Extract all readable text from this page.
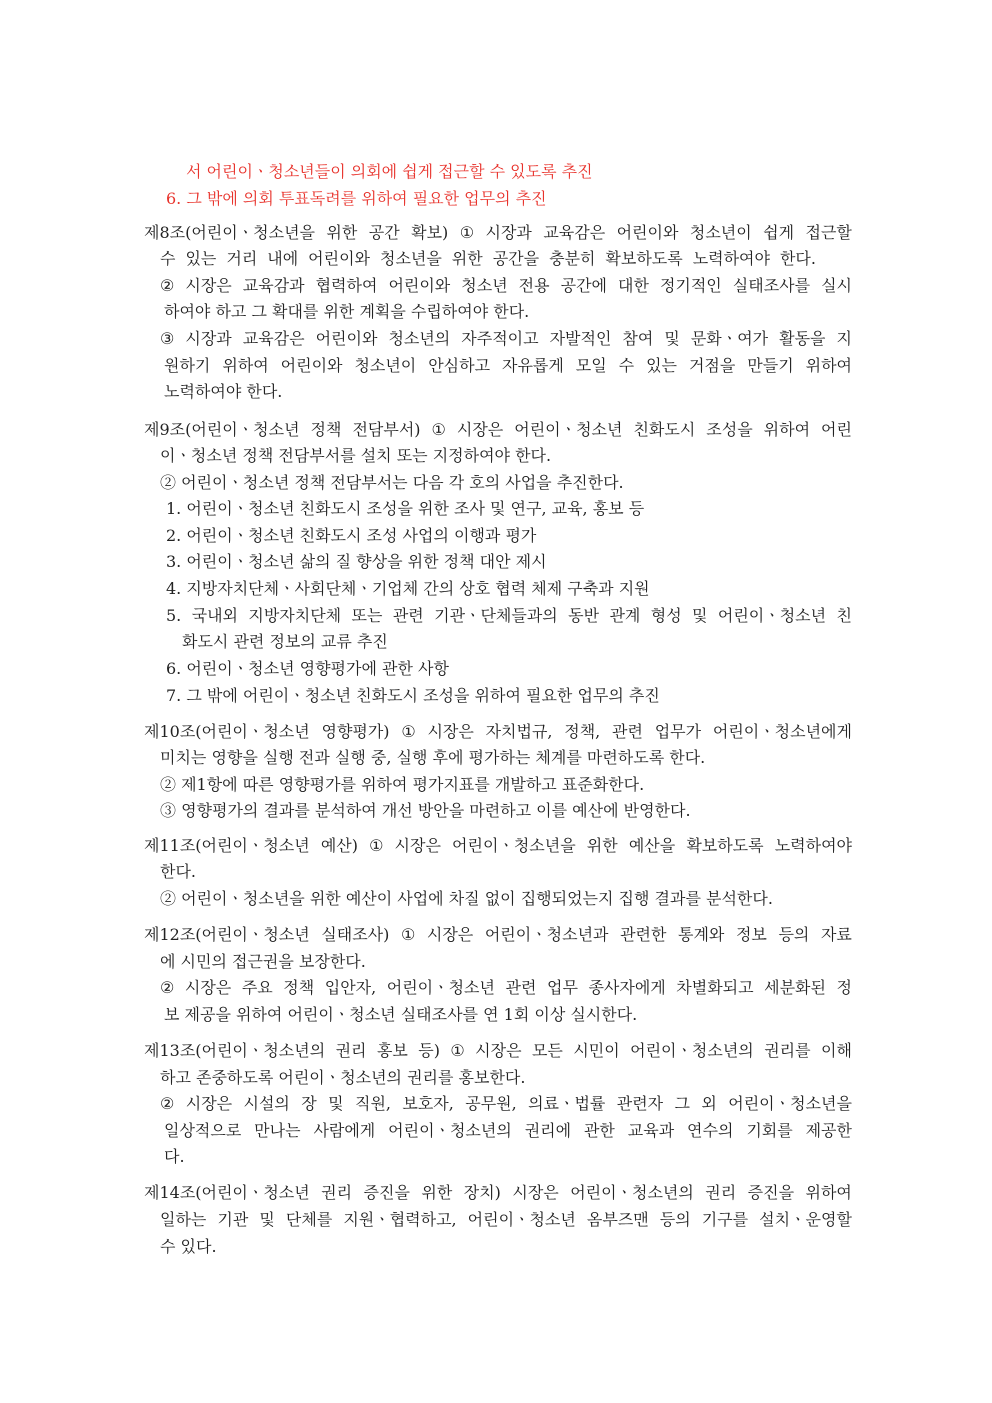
서 어린이ㆍ청소년들이 의회에 쉽게 접근할 수 있도록 추진
6. 그 밖에 의회 투표독려를 위하여 필요한 업무의 추진
제8조(어린이ㆍ청소년을 위한 공간 확보) ① 시장과 교육감은 어린이와 청소년이 쉽게 접근할
수 있는 거리 내에 어린이와 청소년을 위한 공간을 충분히 확보하도록 노력하여야 한다.
② 시장은 교육감과 협력하여 어린이와 청소년 전용 공간에 대한 정기적인 실태조사를 실시
하여야 하고 그 확대를 위한 계획을 수립하여야 한다.
③ 시장과 교육감은 어린이와 청소년의 자주적이고 자발적인 참여 및 문화ㆍ여가 활동을 지
원하기 위하여 어린이와 청소년이 안심하고 자유롭게 모일 수 있는 거점을 만들기 위하여
노력하여야 한다.
제9조(어린이ㆍ청소년 정책 전담부서) ① 시장은 어린이ㆍ청소년 친화도시 조성을 위하여 어린
이ㆍ청소년 정책 전담부서를 설치 또는 지정하여야 한다.
② 어린이ㆍ청소년 정책 전담부서는 다음 각 호의 사업을 추진한다.
1. 어린이ㆍ청소년 친화도시 조성을 위한 조사 및 연구, 교육, 홍보 등
2. 어린이ㆍ청소년 친화도시 조성 사업의 이행과 평가
3. 어린이ㆍ청소년 삶의 질 향상을 위한 정책 대안 제시
4. 지방자치단체ㆍ사회단체ㆍ기업체 간의 상호 협력 체제 구축과 지원
5. 국내외 지방자치단체 또는 관련 기관ㆍ단체들과의 동반 관계 형성 및 어린이ㆍ청소년 친
화도시 관련 정보의 교류 추진
6. 어린이ㆍ청소년 영향평가에 관한 사항
7. 그 밖에 어린이ㆍ청소년 친화도시 조성을 위하여 필요한 업무의 추진
제10조(어린이ㆍ청소년 영향평가) ① 시장은 자치법규, 정책, 관련 업무가 어린이ㆍ청소년에게
미치는 영향을 실행 전과 실행 중, 실행 후에 평가하는 체계를 마련하도록 한다.
② 제1항에 따른 영향평가를 위하여 평가지표를 개발하고 표준화한다.
③ 영향평가의 결과를 분석하여 개선 방안을 마련하고 이를 예산에 반영한다.
제11조(어린이ㆍ청소년 예산) ① 시장은 어린이ㆍ청소년을 위한 예산을 확보하도록 노력하여야
한다.
② 어린이ㆍ청소년을 위한 예산이 사업에 차질 없이 집행되었는지 집행 결과를 분석한다.
제12조(어린이ㆍ청소년 실태조사) ① 시장은 어린이ㆍ청소년과 관련한 통계와 정보 등의 자료
에 시민의 접근권을 보장한다.
② 시장은 주요 정책 입안자, 어린이ㆍ청소년 관련 업무 종사자에게 차별화되고 세분화된 정
보 제공을 위하여 어린이ㆍ청소년 실태조사를 연 1회 이상 실시한다.
제13조(어린이ㆍ청소년의 권리 홍보 등) ① 시장은 모든 시민이 어린이ㆍ청소년의 권리를 이해
하고 존중하도록 어린이ㆍ청소년의 권리를 홍보한다.
② 시장은 시설의 장 및 직원, 보호자, 공무원, 의료ㆍ법률 관련자 그 외 어린이ㆍ청소년을
일상적으로 만나는 사람에게 어린이ㆍ청소년의 권리에 관한 교육과 연수의 기회를 제공한
다.
제14조(어린이ㆍ청소년 권리 증진을 위한 장치) 시장은 어린이ㆍ청소년의 권리 증진을 위하여
일하는 기관 및 단체를 지원ㆍ협력하고, 어린이ㆍ청소년 옴부즈맨 등의 기구를 설치ㆍ운영할
수 있다.
